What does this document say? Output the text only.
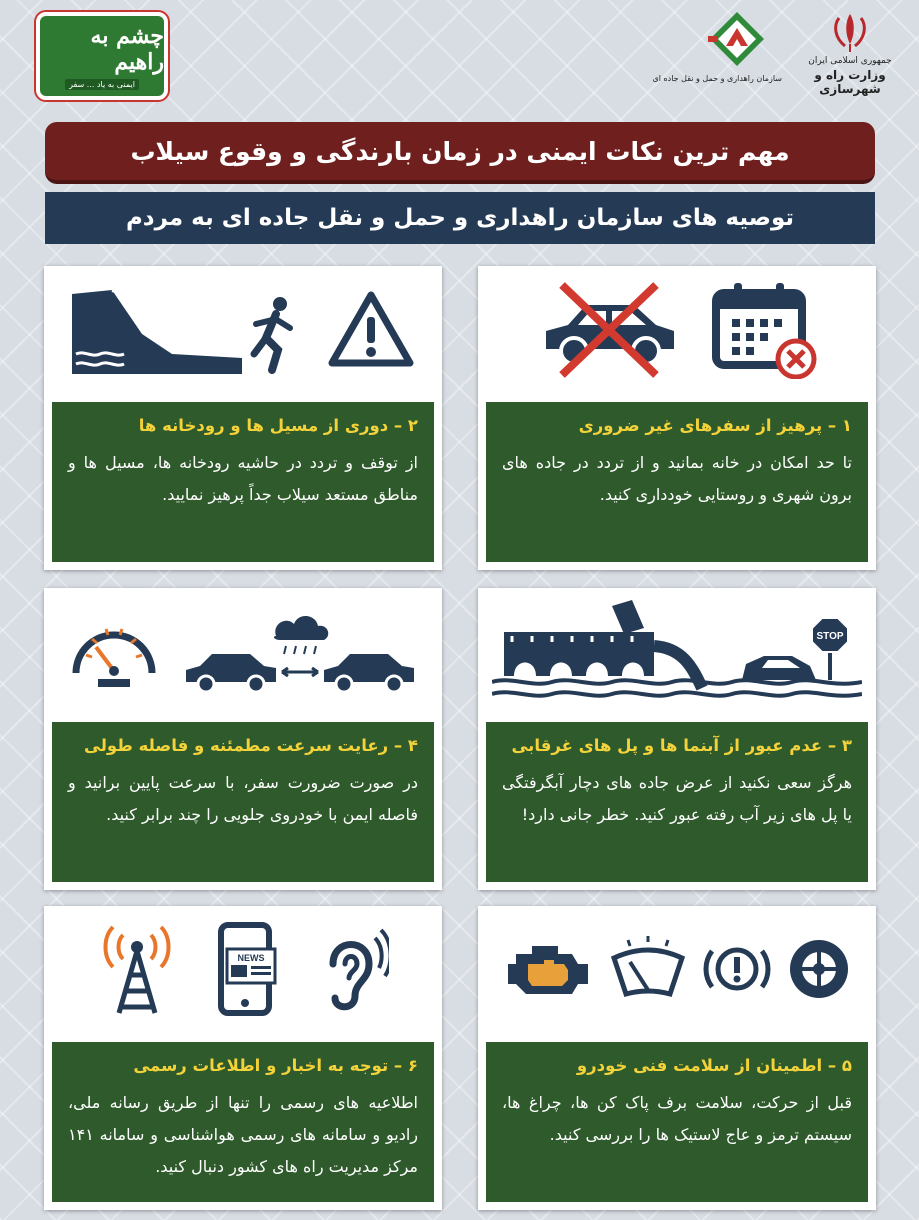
چشم به راهیم
ایمنی‌ به‌ یاد ... سفر
سازمان راهداری و حمل و نقل جاده ای
جمهوری اسلامی ایران
وزارت راه و شهرسازی
مهم ترین نکات ایمنی در زمان بارندگی و وقوع سیلاب
توصیه های سازمان راهداری و حمل و نقل جاده ای به مردم
۱ – پرهیز از سفرهای غیر ضروری
تا حد امکان در خانه بمانید و از تردد در جاده های برون شهری و روستایی خودداری کنید.
۲ – دوری از مسیل ها و رودخانه ها
از توقف و تردد در حاشیه رودخانه ها، مسیل ها و مناطق مستعد سیلاب جداً پرهیز نمایید.
STOP
۳ – عدم عبور از آبنما ها و پل های غرقابی
هرگز سعی نکنید از عرض جاده های دچار آبگرفتگی یا پل های زیر آب رفته عبور کنید. خطر جانی دارد!
۴ – رعایت سرعت مطمئنه و فاصله طولی
در صورت ضرورت سفر، با سرعت پایین برانید و فاصله ایمن با خودروی جلویی را چند برابر کنید.
۵ – اطمینان از سلامت فنی خودرو
قبل از حرکت، سلامت برف پاک کن ها، چراغ ها، سیستم ترمز و عاج لاستیک ها را بررسی کنید.
NEWS
۶ – توجه به اخبار و اطلاعات رسمی
اطلاعیه های رسمی را تنها از طریق رسانه ملی، رادیو و سامانه های رسمی هواشناسی و سامانه ۱۴۱ مرکز مدیریت راه های کشور دنبال کنید.
